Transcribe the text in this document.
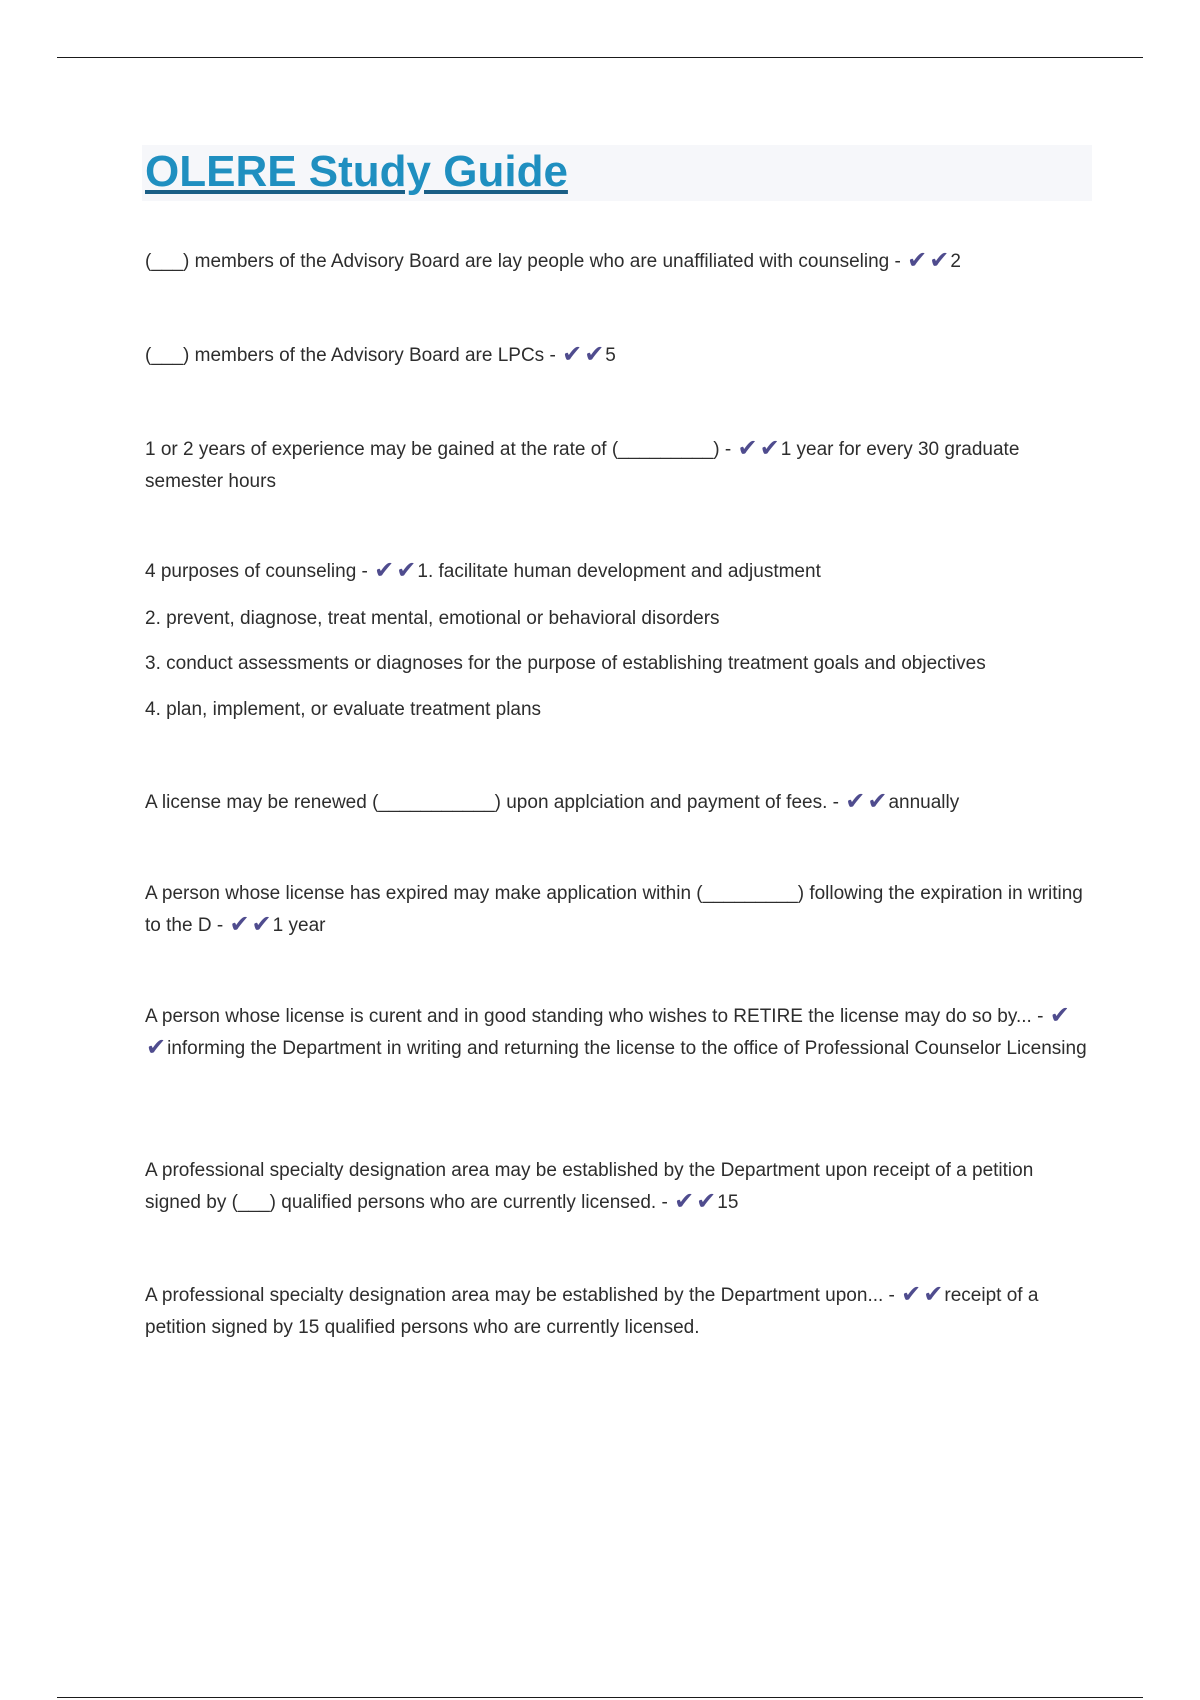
OLERE Study Guide

(___) members of the Advisory Board are lay people who are unaffiliated with counseling - ✔✔2

(___) members of the Advisory Board are LPCs - ✔✔5

1 or 2 years of experience may be gained at the rate of (_________) - ✔✔1 year for every 30 graduate semester hours

4 purposes of counseling - ✔✔1. facilitate human development and adjustment

2. prevent, diagnose, treat mental, emotional or behavioral disorders

3. conduct assessments or diagnoses for the purpose of establishing treatment goals and objectives

4. plan, implement, or evaluate treatment plans

A license may be renewed (___________) upon applciation and payment of fees. - ✔✔annually

A person whose license has expired may make application within (_________) following the expiration in writing to the D - ✔✔1 year

A person whose license is curent and in good standing who wishes to RETIRE the license may do so by... - ✔✔informing the Department in writing and returning the license to the office of Professional Counselor Licensing

A professional specialty designation area may be established by the Department upon receipt of a petition signed by (___) qualified persons who are currently licensed. - ✔✔15

A professional specialty designation area may be established by the Department upon... - ✔✔receipt of a petition signed by 15 qualified persons who are currently licensed.
